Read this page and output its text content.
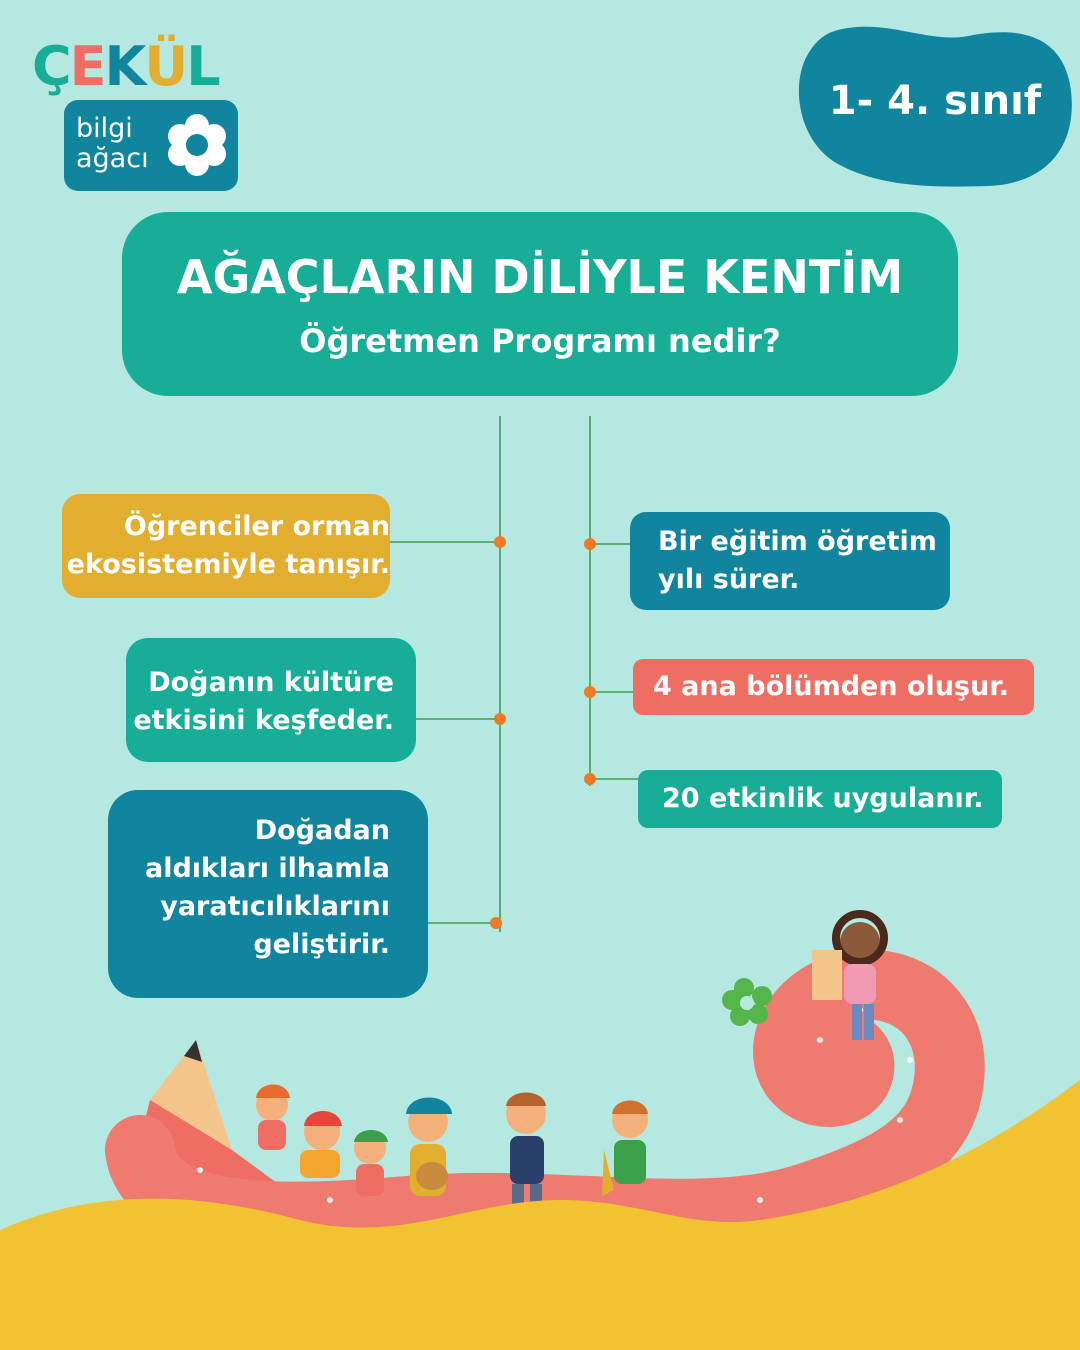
ÇEKÜL
bilgi
ağacı
1- 4. sınıf
AĞAÇLARIN DİLİYLE KENTİM
Öğretmen Programı nedir?
Öğrenciler orman
ekosistemiyle tanışır.
Doğanın kültüre
etkisini keşfeder.
Doğadan
aldıkları ilhamla
yaratıcılıklarını
geliştirir.
Bir eğitim öğretim
yılı sürer.
4 ana bölümden oluşur.
20 etkinlik uygulanır.
